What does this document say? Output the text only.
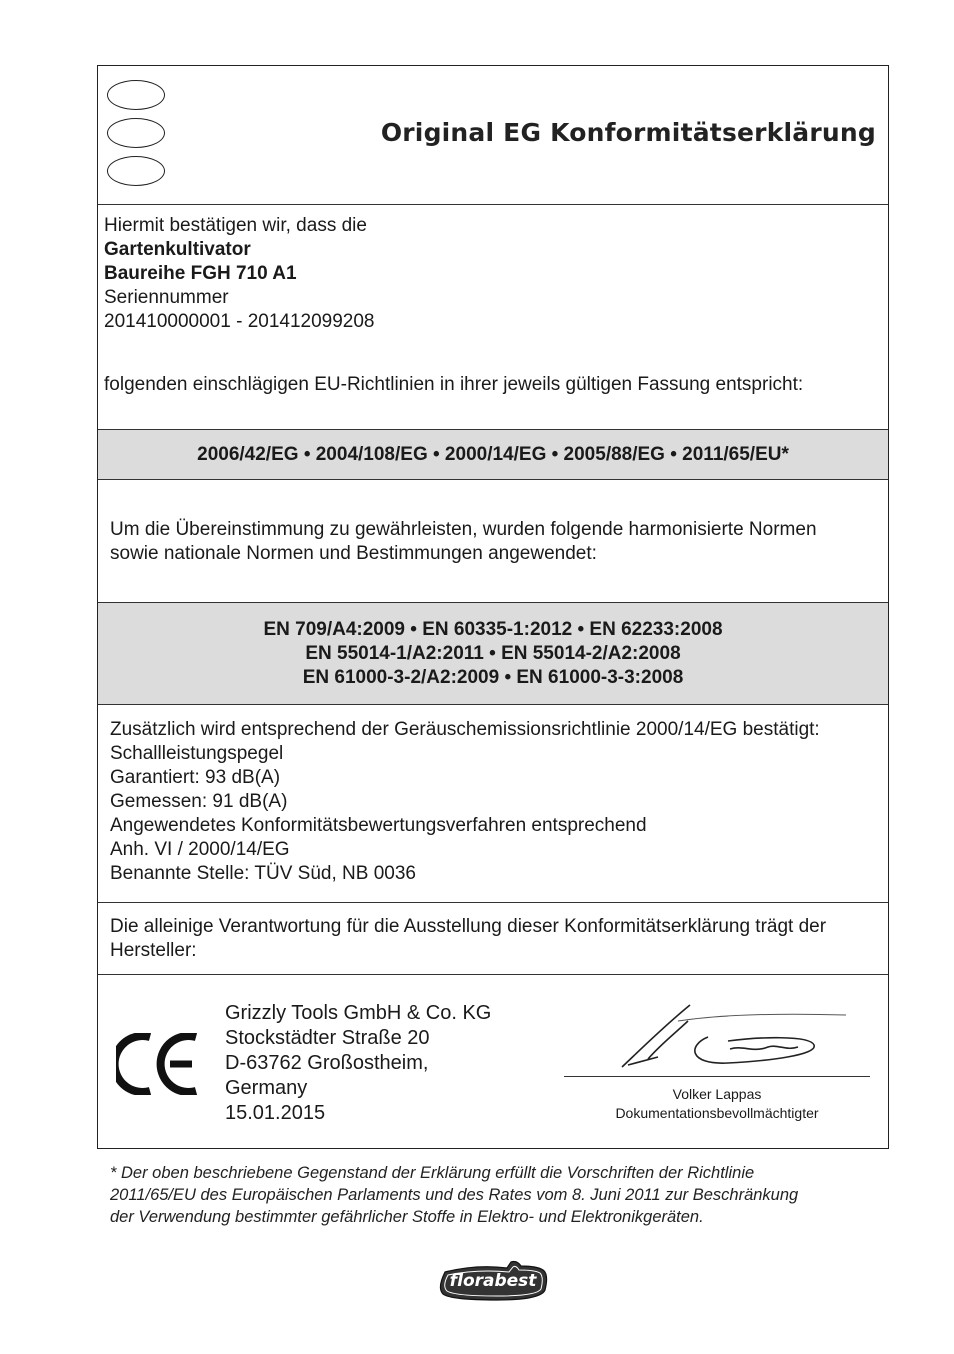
Original EG Konformitätserklärung
Hiermit bestätigen wir, dass die
Gartenkultivator
Baureihe FGH 710 A1
Seriennummer
201410000001 - 201412099208
folgenden einschlägigen EU-Richtlinien in ihrer jeweils gültigen Fassung entspricht:
2006/42/EG • 2004/108/EG • 2000/14/EG • 2005/88/EG • 2011/65/EU*
Um die Übereinstimmung zu gewährleisten, wurden folgende harmonisierte Normen
sowie nationale Normen und Bestimmungen angewendet:
EN 709/A4:2009 • EN 60335-1:2012 • EN 62233:2008
EN 55014-1/A2:2011 • EN 55014-2/A2:2008
EN 61000-3-2/A2:2009 • EN 61000-3-3:2008
Zusätzlich wird entsprechend der Geräuschemissionsrichtlinie 2000/14/EG bestätigt:
Schallleistungspegel
Garantiert: 93 dB(A)
Gemessen: 91 dB(A)
Angewendetes Konformitätsbewertungsverfahren entsprechend
Anh. VI / 2000/14/EG
Benannte Stelle: TÜV Süd, NB 0036
Die alleinige Verantwortung für die Ausstellung dieser Konformitätserklärung trägt der
Hersteller:
Grizzly Tools GmbH & Co. KG
Stockstädter Straße 20
D-63762 Großostheim,
Germany
15.01.2015
Volker Lappas
Dokumentationsbevollmächtigter
* Der oben beschriebene Gegenstand der Erklärung erfüllt die Vorschriften der Richtlinie
2011/65/EU des Europäischen Parlaments und des Rates vom 8. Juni 2011 zur Beschränkung
der Verwendung bestimmter gefährlicher Stoffe in Elektro- und Elektronikgeräten.
florabest
